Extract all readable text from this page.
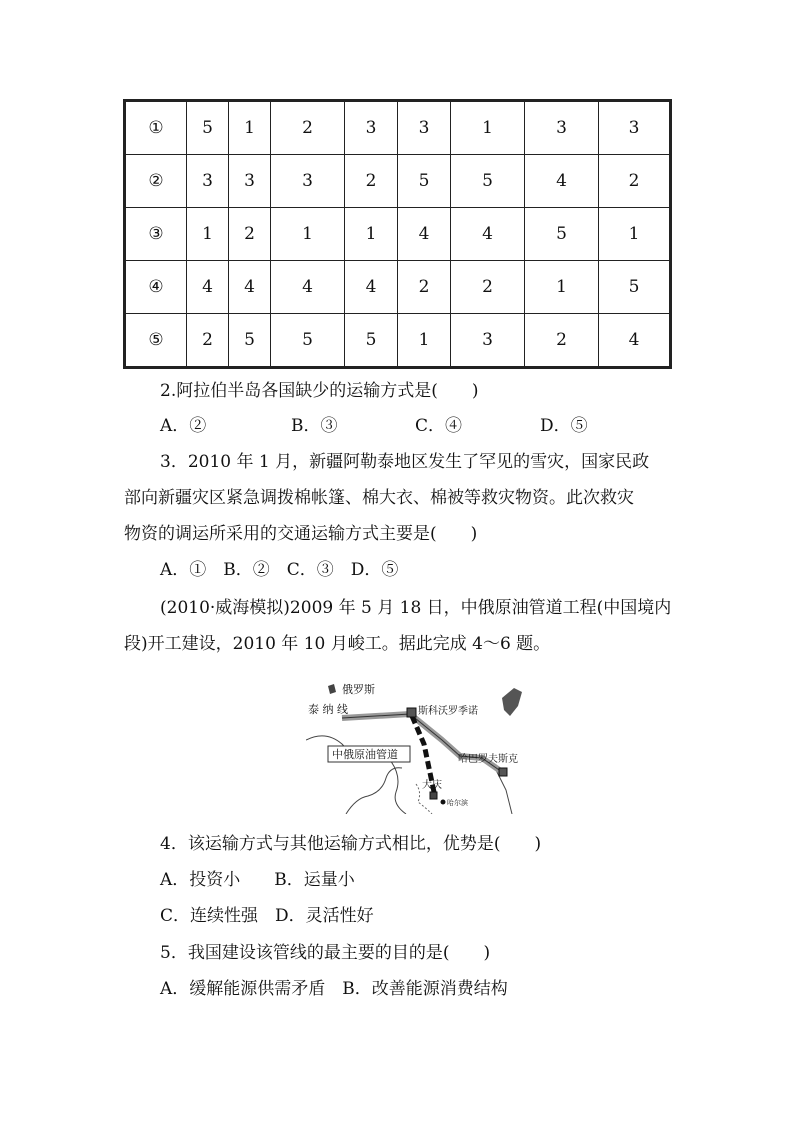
①	5	1	2	3	3	1	3	3
②	3	3	3	2	5	5	4	2
③	1	2	1	1	4	4	5	1
④	4	4	4	4	2	2	1	5
⑤	2	5	5	5	1	3	2	4
2.阿拉伯半岛各国缺少的运输方式是(　　)
A．②	B．③	C．④	D．⑤
3．2010 年 1 月，新疆阿勒泰地区发生了罕见的雪灾，国家民政
部向新疆灾区紧急调拨棉帐篷、棉大衣、棉被等救灾物资。此次救灾
物资的调运所采用的交通运输方式主要是(　　)
A．①　B．②　C．③　D．⑤
(2010·威海模拟)2009 年 5 月 18 日，中俄原油管道工程(中国境内
段)开工建设，2010 年 10 月峻工。据此完成 4～6 题。
俄罗斯
泰 纳 线	斯科沃罗季诺
中俄原油管道	哈巴罗夫斯克
大庆
哈尔滨
4．该运输方式与其他运输方式相比，优势是(　　)
A．投资小　　B．运量小
C．连续性强　D．灵活性好
5．我国建设该管线的最主要的目的是(　　)
A．缓解能源供需矛盾　B．改善能源消费结构
